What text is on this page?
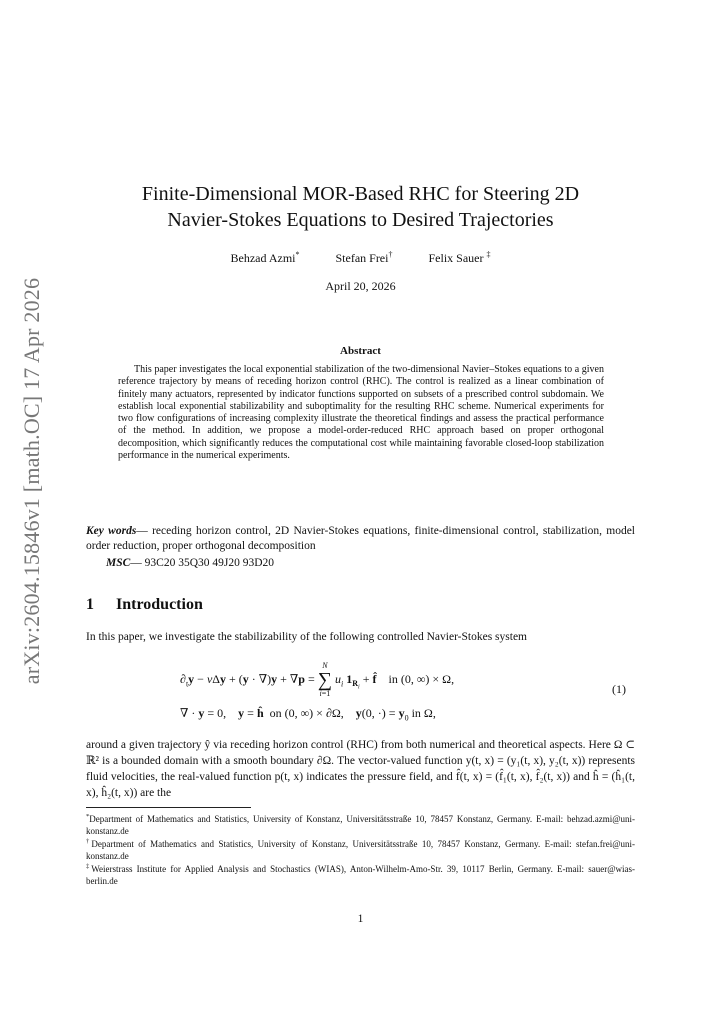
arXiv:2604.15846v1 [math.OC] 17 Apr 2026
Finite-Dimensional MOR-Based RHC for Steering 2D
Navier-Stokes Equations to Desired Trajectories
Behzad Azmi*	Stefan Frei†	Felix Sauer ‡
April 20, 2026
Abstract
This paper investigates the local exponential stabilization of the two-dimensional Navier–Stokes equations to a given reference trajectory by means of receding horizon control (RHC). The control is realized as a linear combination of finitely many actuators, represented by indicator functions supported on subsets of a prescribed control subdomain. We establish local exponential stabilizability and suboptimality for the resulting RHC scheme. Numerical experiments for two flow configurations of increasing complexity illustrate the theoretical findings and assess the practical performance of the method. In addition, we propose a model-order-reduced RHC approach based on proper orthogonal decomposition, which significantly reduces the computational cost while maintaining favorable closed-loop stabilization performance in the numerical experiments.
Key words— receding horizon control, 2D Navier-Stokes equations, finite-dimensional control, stabilization, model order reduction, proper orthogonal decomposition
MSC— 93C20 35Q30 49J20 93D20
1 Introduction
In this paper, we investigate the stabilizability of the following controlled Navier-Stokes system
$\partial_ty - \nu\Delta y + (y \cdot \nabla)y + \nabla p$ =
N
∑
i=1
$u_i$ $1_{R_i}$ + f̂    in (0, ∞) × Ω,
∇ · y = 0,    y = ĥ  on (0, ∞) × ∂Ω,    y(0, ·) = $y_0$ in Ω,
(1)
around a given trajectory ŷ via receding horizon control (RHC) from both numerical and theoretical aspects. Here Ω ⊂ ℝ² is a bounded domain with a smooth boundary ∂Ω. The vector-valued function y(t, x) = (y₁(t, x), y₂(t, x)) represents fluid velocities, the real-valued function p(t, x) indicates the pressure field, and f̂(t, x) = (f̂₁(t, x), f̂₂(t, x)) and ĥ = (ĥ₁(t, x), ĥ₂(t, x)) are the
*Department of Mathematics and Statistics, University of Konstanz, Universitätsstraße 10, 78457 Konstanz, Germany. E-mail: behzad.azmi@uni-konstanz.de
†Department of Mathematics and Statistics, University of Konstanz, Universitätsstraße 10, 78457 Konstanz, Germany. E-mail: stefan.frei@uni-konstanz.de
‡Weierstrass Institute for Applied Analysis and Stochastics (WIAS), Anton-Wilhelm-Amo-Str. 39, 10117 Berlin, Germany. E-mail: sauer@wias-berlin.de
1
